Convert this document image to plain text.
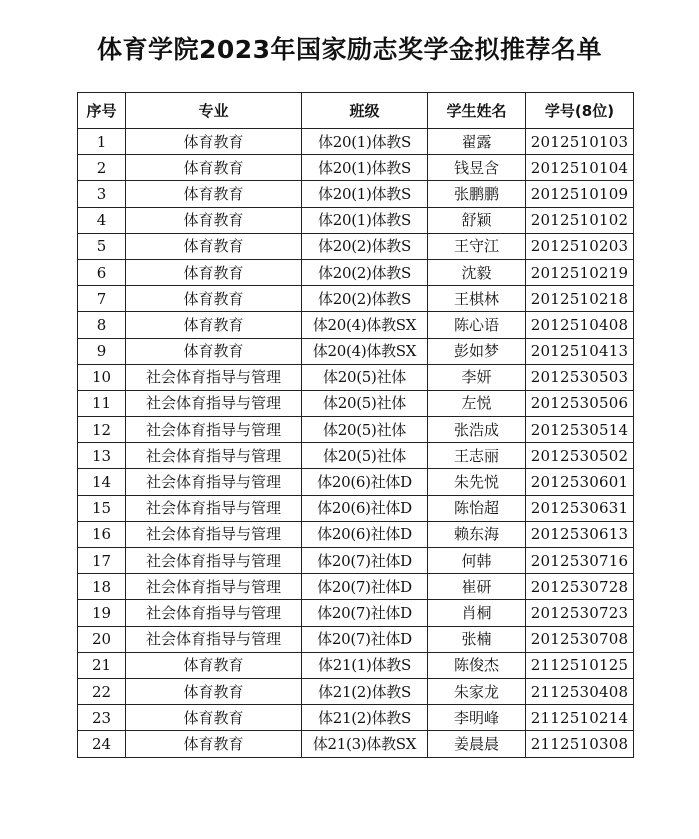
体育学院2023年国家励志奖学金拟推荐名单
序号	专业	班级	学生姓名	学号(8位)
1	体育教育	体20(1)体教S	翟露	2012510103
2	体育教育	体20(1)体教S	钱昱含	2012510104
3	体育教育	体20(1)体教S	张鹏鹏	2012510109
4	体育教育	体20(1)体教S	舒颖	2012510102
5	体育教育	体20(2)体教S	王守江	2012510203
6	体育教育	体20(2)体教S	沈毅	2012510219
7	体育教育	体20(2)体教S	王棋林	2012510218
8	体育教育	体20(4)体教SX	陈心语	2012510408
9	体育教育	体20(4)体教SX	彭如梦	2012510413
10	社会体育指导与管理	体20(5)社体	李妍	2012530503
11	社会体育指导与管理	体20(5)社体	左悦	2012530506
12	社会体育指导与管理	体20(5)社体	张浩成	2012530514
13	社会体育指导与管理	体20(5)社体	王志丽	2012530502
14	社会体育指导与管理	体20(6)社体D	朱先悦	2012530601
15	社会体育指导与管理	体20(6)社体D	陈怡超	2012530631
16	社会体育指导与管理	体20(6)社体D	赖东海	2012530613
17	社会体育指导与管理	体20(7)社体D	何韩	2012530716
18	社会体育指导与管理	体20(7)社体D	崔研	2012530728
19	社会体育指导与管理	体20(7)社体D	肖桐	2012530723
20	社会体育指导与管理	体20(7)社体D	张楠	2012530708
21	体育教育	体21(1)体教S	陈俊杰	2112510125
22	体育教育	体21(2)体教S	朱家龙	2112530408
23	体育教育	体21(2)体教S	李明峰	2112510214
24	体育教育	体21(3)体教SX	姜晨晨	2112510308
